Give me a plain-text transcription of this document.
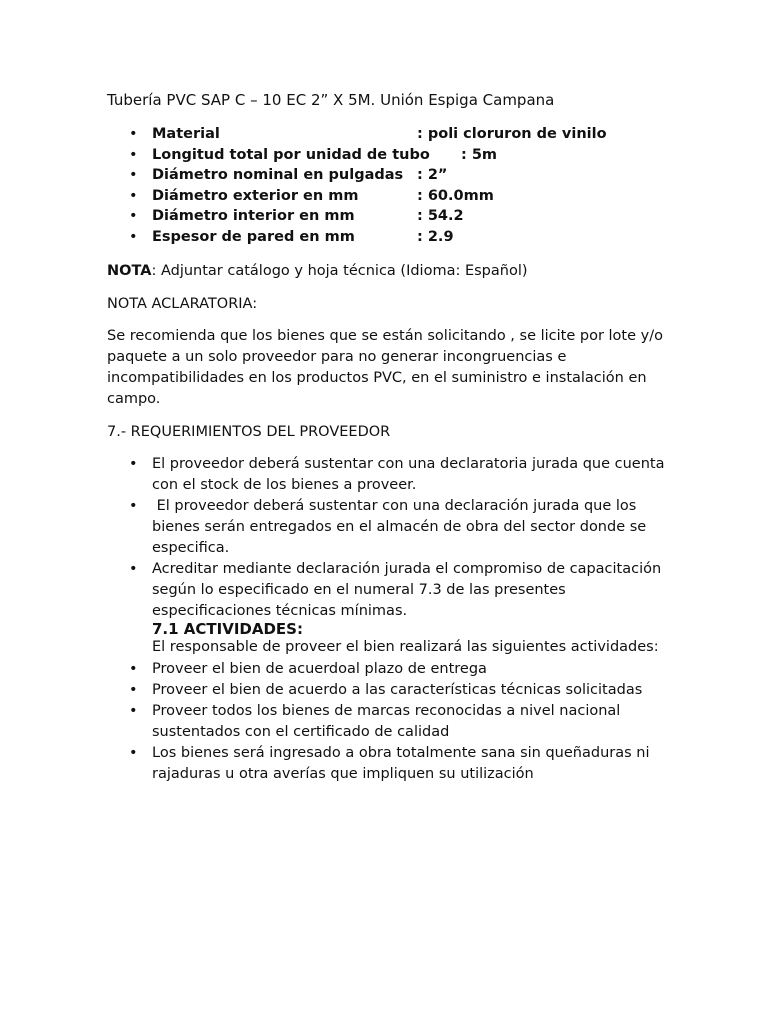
Tubería PVC SAP C – 10 EC 2” X 5M. Unión Espiga Campana
• Material	: poli cloruron de vinilo
• Longitud total por unidad de tubo : 5m
• Diámetro nominal en pulgadas : 2”
• Diámetro exterior en mm	: 60.0mm
• Diámetro interior en mm	: 54.2
• Espesor de pared en mm	: 2.9

NOTA: Adjuntar catálogo y hoja técnica (Idioma: Español)

NOTA ACLARATORIA:

Se recomienda que los bienes que se están solicitando , se licite por lote y/o paquete a un solo proveedor para no generar incongruencias e incompatibilidades en los productos PVC, en el suministro e instalación en campo.

7.- REQUERIMIENTOS DEL PROVEEDOR
• El proveedor deberá sustentar con una declaratoria jurada que cuenta con el stock de los bienes a proveer.
• El proveedor deberá sustentar con una declaración jurada que los bienes serán entregados en el almacén de obra del sector donde se especifica.
• Acreditar mediante declaración jurada el compromiso de capacitación según lo especificado en el numeral 7.3 de las presentes especificaciones técnicas mínimas.
7.1 ACTIVIDADES:
El responsable de proveer el bien realizará las siguientes actividades:
• Proveer el bien de acuerdoal plazo de entrega
• Proveer el bien de acuerdo a las características técnicas solicitadas
• Proveer todos los bienes de marcas reconocidas a nivel nacional sustentados con el certificado de calidad
• Los bienes será ingresado a obra totalmente sana sin queñaduras ni rajaduras u otra averías que impliquen su utilización
